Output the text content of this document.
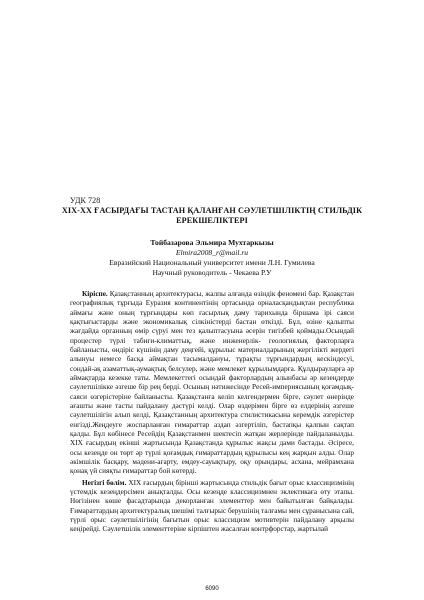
УДК 728
XIX-XX ҒАСЫРДАҒЫ ТАСТАН ҚАЛАНҒАН СӘУЛЕТШІЛІКТІҢ СТИЛЬДІК
ЕРЕКШЕЛІКТЕРІ
Тойбазарова Эльмира Мухтаркызы
Elmira2008_r@mail.ru
Евразийский Национальный университет имени Л.Н. Гумилева
Научный руководитель - Чекаева Р.У

Кіріспе. Қазақстанның архитектурасы, жалпы алғанда өзіндік феномені бар. Қазақстан географиялық тұрғыда Еуразия континентінің ортасында орналасқандықтан республика аймағы және оның тұрғындары көп ғасырлық даму тарихында біршама ірі саяси қақтығыстарды және экономикалық сілкіністерді бастан өткізді. Бұл, өзіне қалыпты жағдайда органның өмір сүруі мен тез қалыптасуына әсерін тигізбей қоймады.Осындай процестер түрлі табиғи-климаттық, және инженерлік- геологиялық факторларға байланысты, өндіріс күшінің даму деңгейі, құрылыс материалдарының жергілікті жердегі алынуы немесе басқа аймақтан тасымалдануы, тұрақты тұрғындардың кескіндесуі, сондай-ақ азаматтық-аумақтық белсулер, және мемлекет құрылымдарға. Құлдырауларға әр аймақтарда кезекке таты. Мемлекеттегі осындай факторлардың алынбасы әр кезеңдерде сәулетшілікке әзгеше бір рең берді. Осының нәтижесінде Ресей-империясының қоғамдық-саяси өзгерістеріне байланысты. Қазақстанға келіп келгендермен бірге, сәулет өнерінде ағашты және тасты пайдалану дәстүрі келді. Олар өздерімен бірге өз елдерінің әзгеше сәулетшілігін алып келді, Қазақстанның архитектура стилистикасына керемдік әзгерістер енгізді.Жеңдеуге жоспарланған ғимараттар аздап әзгертіліп, бастапқы қалпын сақтап қалды. Бұл көбінесе Ресейдің Қазақстанмен шектесіп жатқан жерлерінде пайдаланылды. XIX ғасырдың екінші жартысында Қазақстанда құрылыс жақсы дами бастады. Әсіресе, осы кезеңде он төрт әр түрлі қоғамдық ғимараттардың құрылысы кең жарқын алды. Олар әкімшілік басқару, мәдени-ағарту, емдеу-сауықтыру, оқу орындары, асхана, мейрамхана қонақ үй сияқты ғимараттар бой көтерді.

Негізгі бөлім. XIX ғасырдың бірінші жартысында стильдік бағыт орыс классицизмінің үстемдік кезеңдерсімен анықталды. Осы кезеңде классицизмнен эклектикаға өту этапы. Нөгізінен көше фасадтарында декорланған элементтер мен байытылған байқалады. Ғимараттардың архитектуралық шешімі талғырыс берушінің талғамы мен сұранысына сай, түрлі орыс сәулетшілігінің бағытын орыс классицизм мотивтерін пайдалану арқылы кеңірейді. Сәулетшілік элементтеріне кірпіштен жасалған контрфорстар, жартылай

6090
